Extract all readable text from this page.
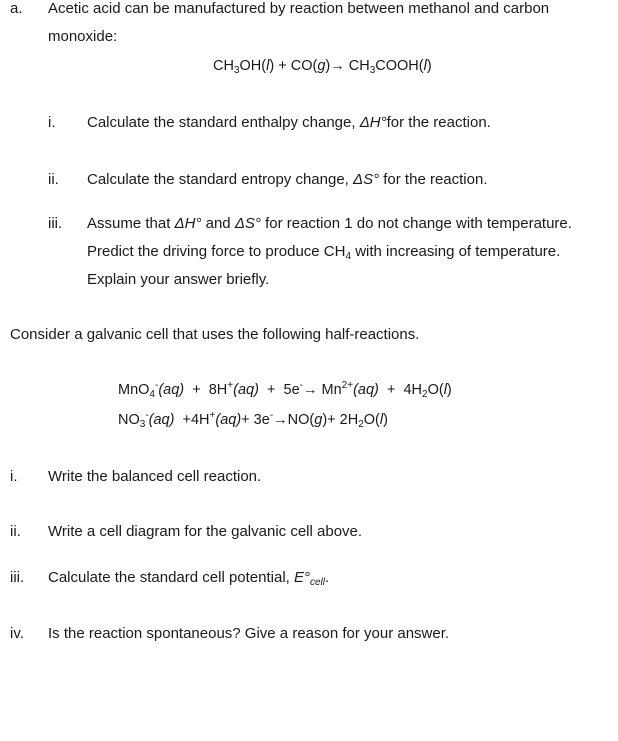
a. Acetic acid can be manufactured by reaction between methanol and carbon
monoxide:
$CH_3OH(l) + CO(g)\to$ $CH_3COOH(l)$
i. Calculate the standard enthalpy change, ΔH°for the reaction.
ii. Calculate the standard entropy change, ΔS° for the reaction.
iii. Assume that ΔH° and ΔS° for reaction 1 do not change with temperature.
Predict the driving force to produce $CH_4$ with increasing of temperature.
Explain your answer briefly.
Consider a galvanic cell that uses the following half-reactions.
$MnO_4^-(aq) + 8H^+(aq) + 5e^-\to Mn^{2+}(aq) + 4H_2O(l)$
$NO_3^-(aq) +4H^+(aq)+ 3e^-\to NO(g)+ 2H_2O(l)$
i. Write the balanced cell reaction.
ii. Write a cell diagram for the galvanic cell above.
iii. Calculate the standard cell potential, $E^\circ_{cell}$.
iv. Is the reaction spontaneous? Give a reason for your answer.
